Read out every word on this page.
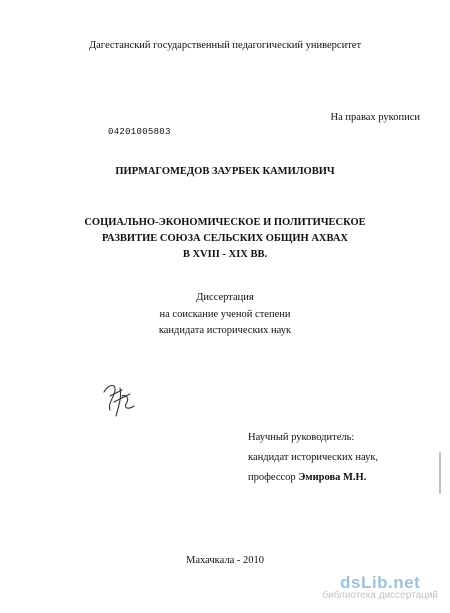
Дагестанский государственный педагогический университет
На правах рукописи
04201005803
ПИРМАГОМЕДОВ ЗАУРБЕК КАМИЛОВИЧ
СОЦИАЛЬНО-ЭКОНОМИЧЕСКОЕ И ПОЛИТИЧЕСКОЕ
РАЗВИТИЕ СОЮЗА СЕЛЬСКИХ ОБЩИН АХВАХ
В XVIII - XIX ВВ.
Диссертация
на соискание ученой степени
кандидата исторических наук
Научный руководитель:
кандидат исторических наук,
профессор Эмирова М.Н.
Махачкала - 2010
dsLib.net
библиотека диссертаций
